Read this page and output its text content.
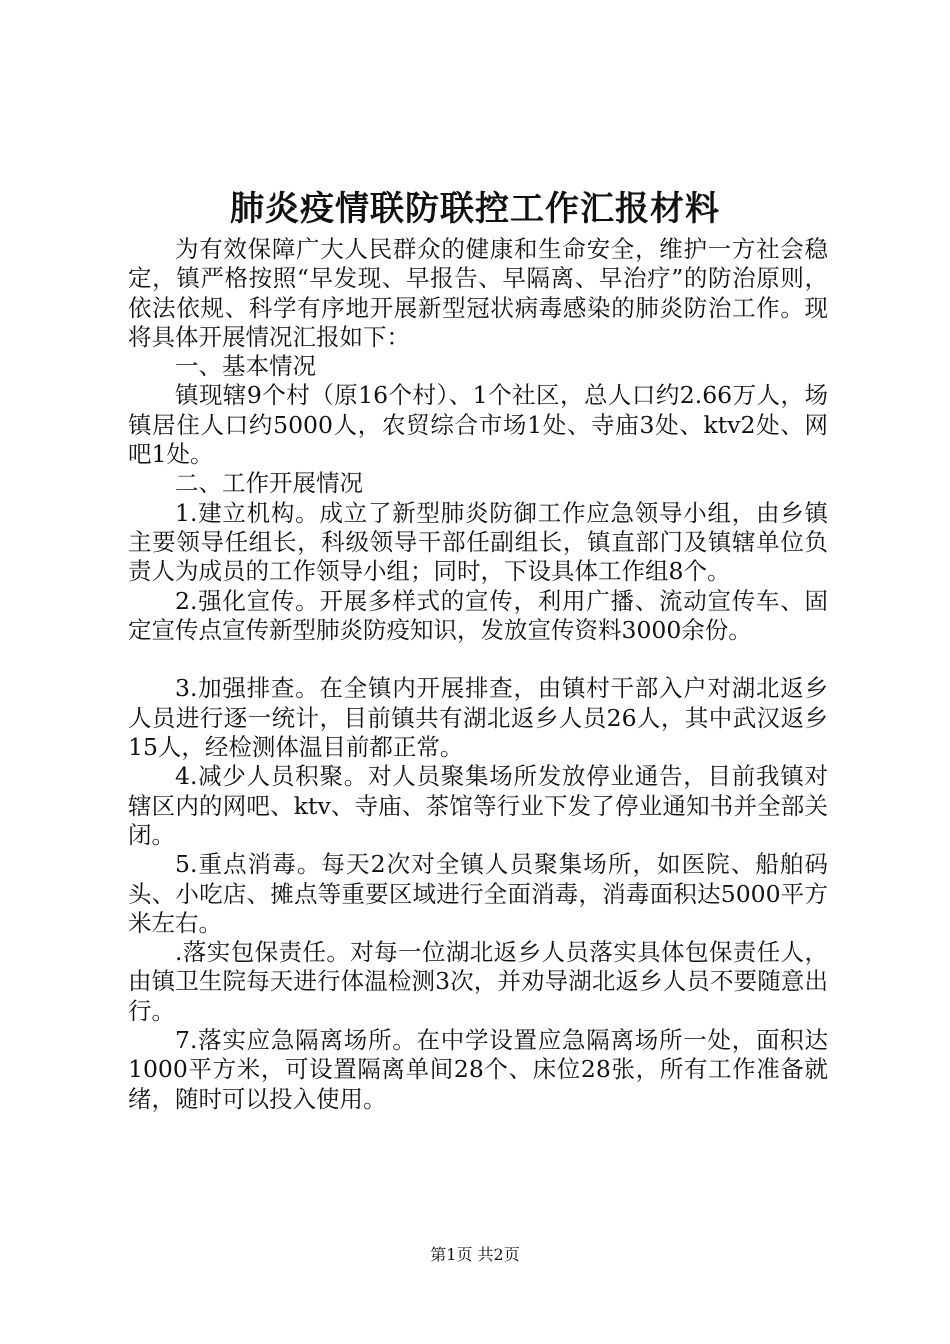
肺炎疫情联防联控工作汇报材料

为有效保障广大人民群众的健康和生命安全，维护一方社会稳定，镇严格按照“早发现、早报告、早隔离、早治疗”的防治原则，依法依规、科学有序地开展新型冠状病毒感染的肺炎防治工作。现将具体开展情况汇报如下：

一、基本情况

镇现辖9个村（原16个村）、1个社区，总人口约2.66万人，场镇居住人口约5000人，农贸综合市场1处、寺庙3处、ktv2处、网吧1处。

二、工作开展情况

1.建立机构。成立了新型肺炎防御工作应急领导小组，由乡镇主要领导任组长，科级领导干部任副组长，镇直部门及镇辖单位负责人为成员的工作领导小组；同时，下设具体工作组8个。

2.强化宣传。开展多样式的宣传，利用广播、流动宣传车、固定宣传点宣传新型肺炎防疫知识，发放宣传资料3000余份。

3.加强排查。在全镇内开展排查，由镇村干部入户对湖北返乡人员进行逐一统计，目前镇共有湖北返乡人员26人，其中武汉返乡15人，经检测体温目前都正常。

4.减少人员积聚。对人员聚集场所发放停业通告，目前我镇对辖区内的网吧、ktv、寺庙、茶馆等行业下发了停业通知书并全部关闭。

5.重点消毒。每天2次对全镇人员聚集场所，如医院、船舶码头、小吃店、摊点等重要区域进行全面消毒，消毒面积达5000平方米左右。

.落实包保责任。对每一位湖北返乡人员落实具体包保责任人，由镇卫生院每天进行体温检测3次，并劝导湖北返乡人员不要随意出行。

7.落实应急隔离场所。在中学设置应急隔离场所一处，面积达1000平方米，可设置隔离单间28个、床位28张，所有工作准备就绪，随时可以投入使用。

第1页 共2页
